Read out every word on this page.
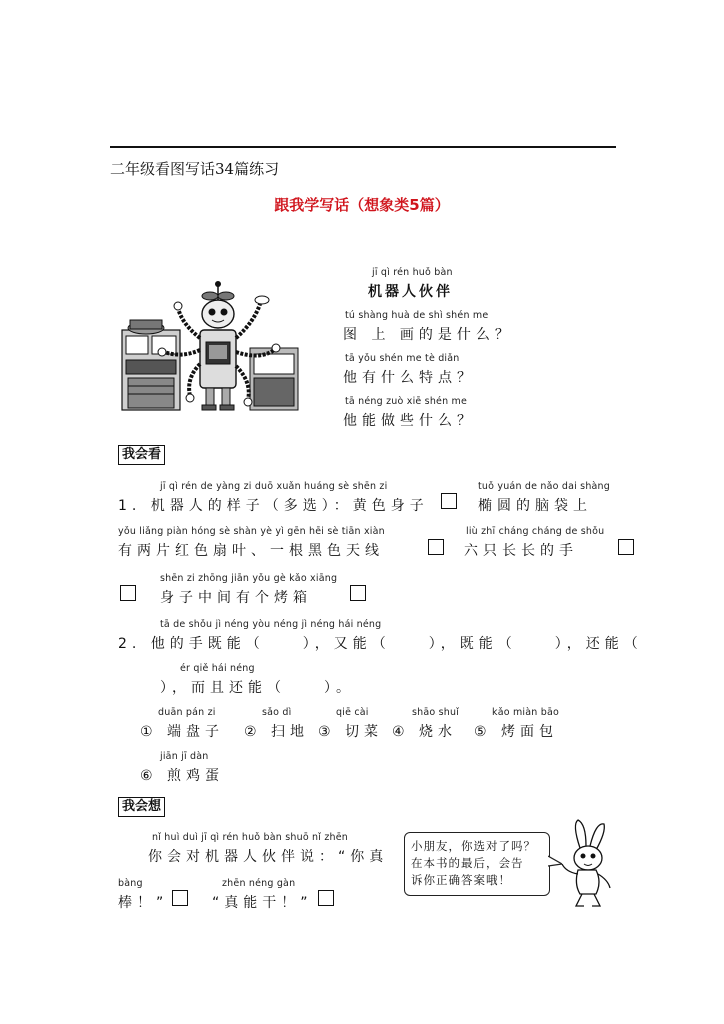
二年级看图写话34篇练习
跟我学写话（想象类5篇）
jī qì rén huǒ bàn
机器人伙伴
tú shàng huà de shì shén me
图 上 画的是什么？
tā yǒu shén me tè diǎn
他有什么特点？
tā néng zuò xiē shén me
他能做些什么？
我会看
jī qì rén de yàng zi duō xuǎn huáng sè shēn zi
1. 机器人的样子（多选）：黄色身子
tuǒ yuán de nǎo dai shàng
椭圆的脑袋上
yǒu liǎng piàn hóng sè shàn yè yì gēn hēi sè tiān xiàn
有两片红色扇叶、一根黑色天线
liù zhī cháng cháng de shǒu
六只长长的手
shēn zi zhōng jiān yǒu gè kǎo xiāng
身子中间有个烤箱
tā de shǒu jì néng yòu néng jì néng hái néng
2. 他的手既能（　　），又能（　　），既能（　　），还能（
ér qiě hái néng
），而且还能（　　）。
duān pán zi
① 端盘子
sǎo dì
② 扫地
qiē cài
③ 切菜
shāo shuǐ
④ 烧水
kǎo miàn bāo
⑤ 烤面包
jiān jī dàn
⑥ 煎鸡蛋
我会想
nǐ huì duì jī qì rén huǒ bàn shuō nǐ zhēn
你会对机器人伙伴说：“你真
bàng
棒！”
zhēn néng gàn
“真能干！”
小朋友，你选对了吗？
在本书的最后，会告
诉你正确答案哦！
